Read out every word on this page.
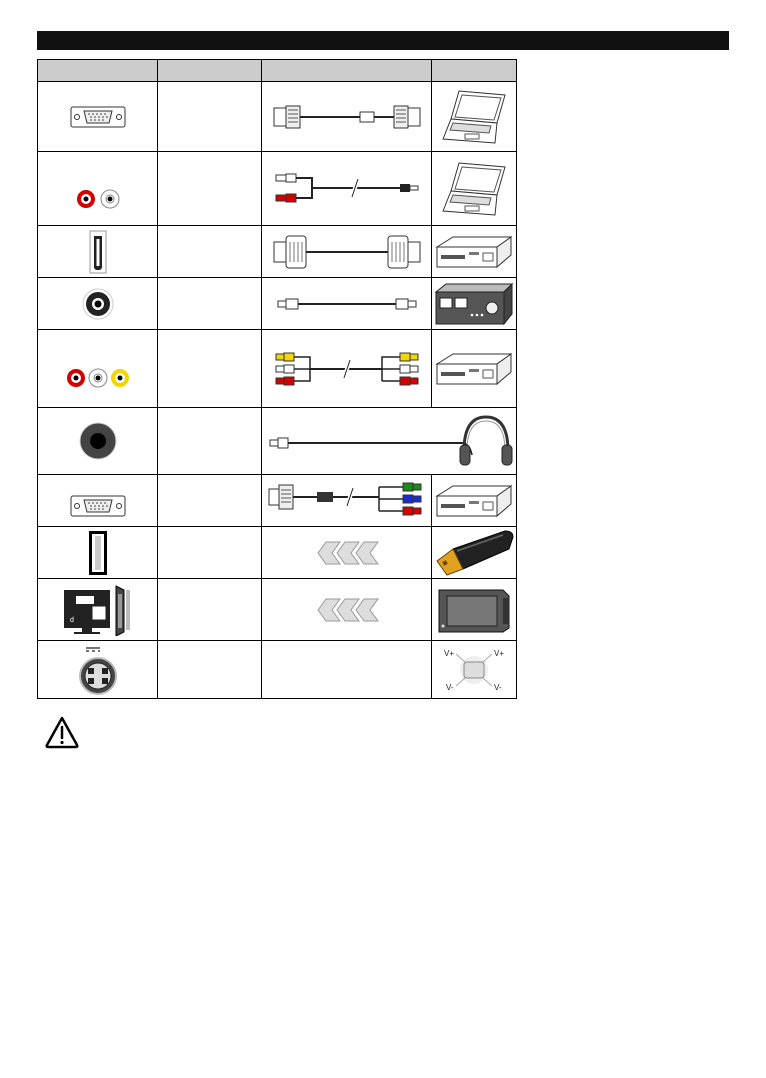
d

V+ V+
V- V-
